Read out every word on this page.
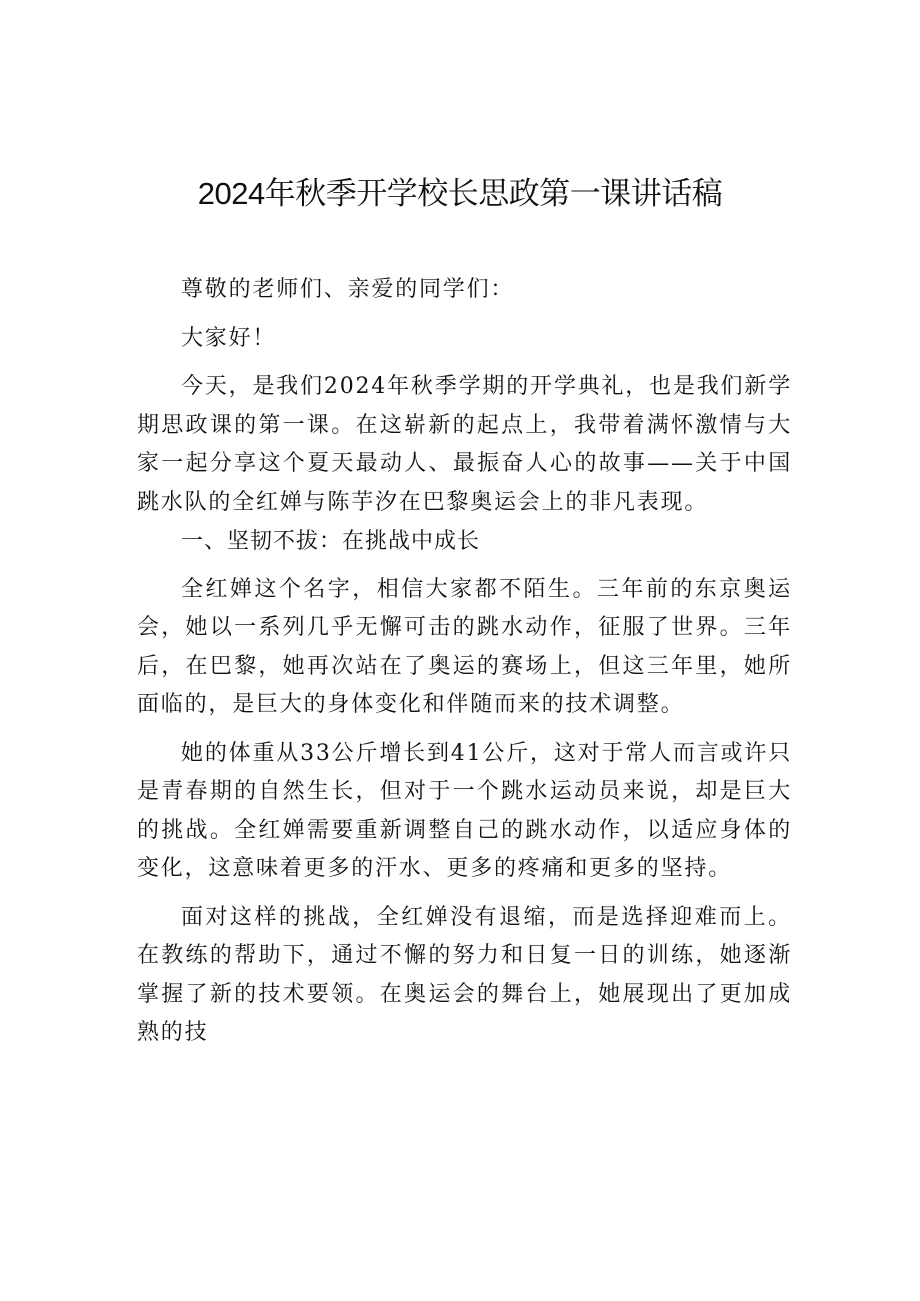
2024年秋季开学校长思政第一课讲话稿

尊敬的老师们、亲爱的同学们：

大家好！

今天，是我们2024年秋季学期的开学典礼，也是我们新学期思政课的第一课。在这崭新的起点上，我带着满怀激情与大家一起分享这个夏天最动人、最振奋人心的故事——关于中国跳水队的全红婵与陈芋汐在巴黎奥运会上的非凡表现。

一、坚韧不拔：在挑战中成长

全红婵这个名字，相信大家都不陌生。三年前的东京奥运会，她以一系列几乎无懈可击的跳水动作，征服了世界。三年后，在巴黎，她再次站在了奥运的赛场上，但这三年里，她所面临的，是巨大的身体变化和伴随而来的技术调整。

她的体重从33公斤增长到41公斤，这对于常人而言或许只是青春期的自然生长，但对于一个跳水运动员来说，却是巨大的挑战。全红婵需要重新调整自己的跳水动作，以适应身体的变化，这意味着更多的汗水、更多的疼痛和更多的坚持。

面对这样的挑战，全红婵没有退缩，而是选择迎难而上。在教练的帮助下，通过不懈的努力和日复一日的训练，她逐渐掌握了新的技术要领。在奥运会的舞台上，她展现出了更加成熟的技
